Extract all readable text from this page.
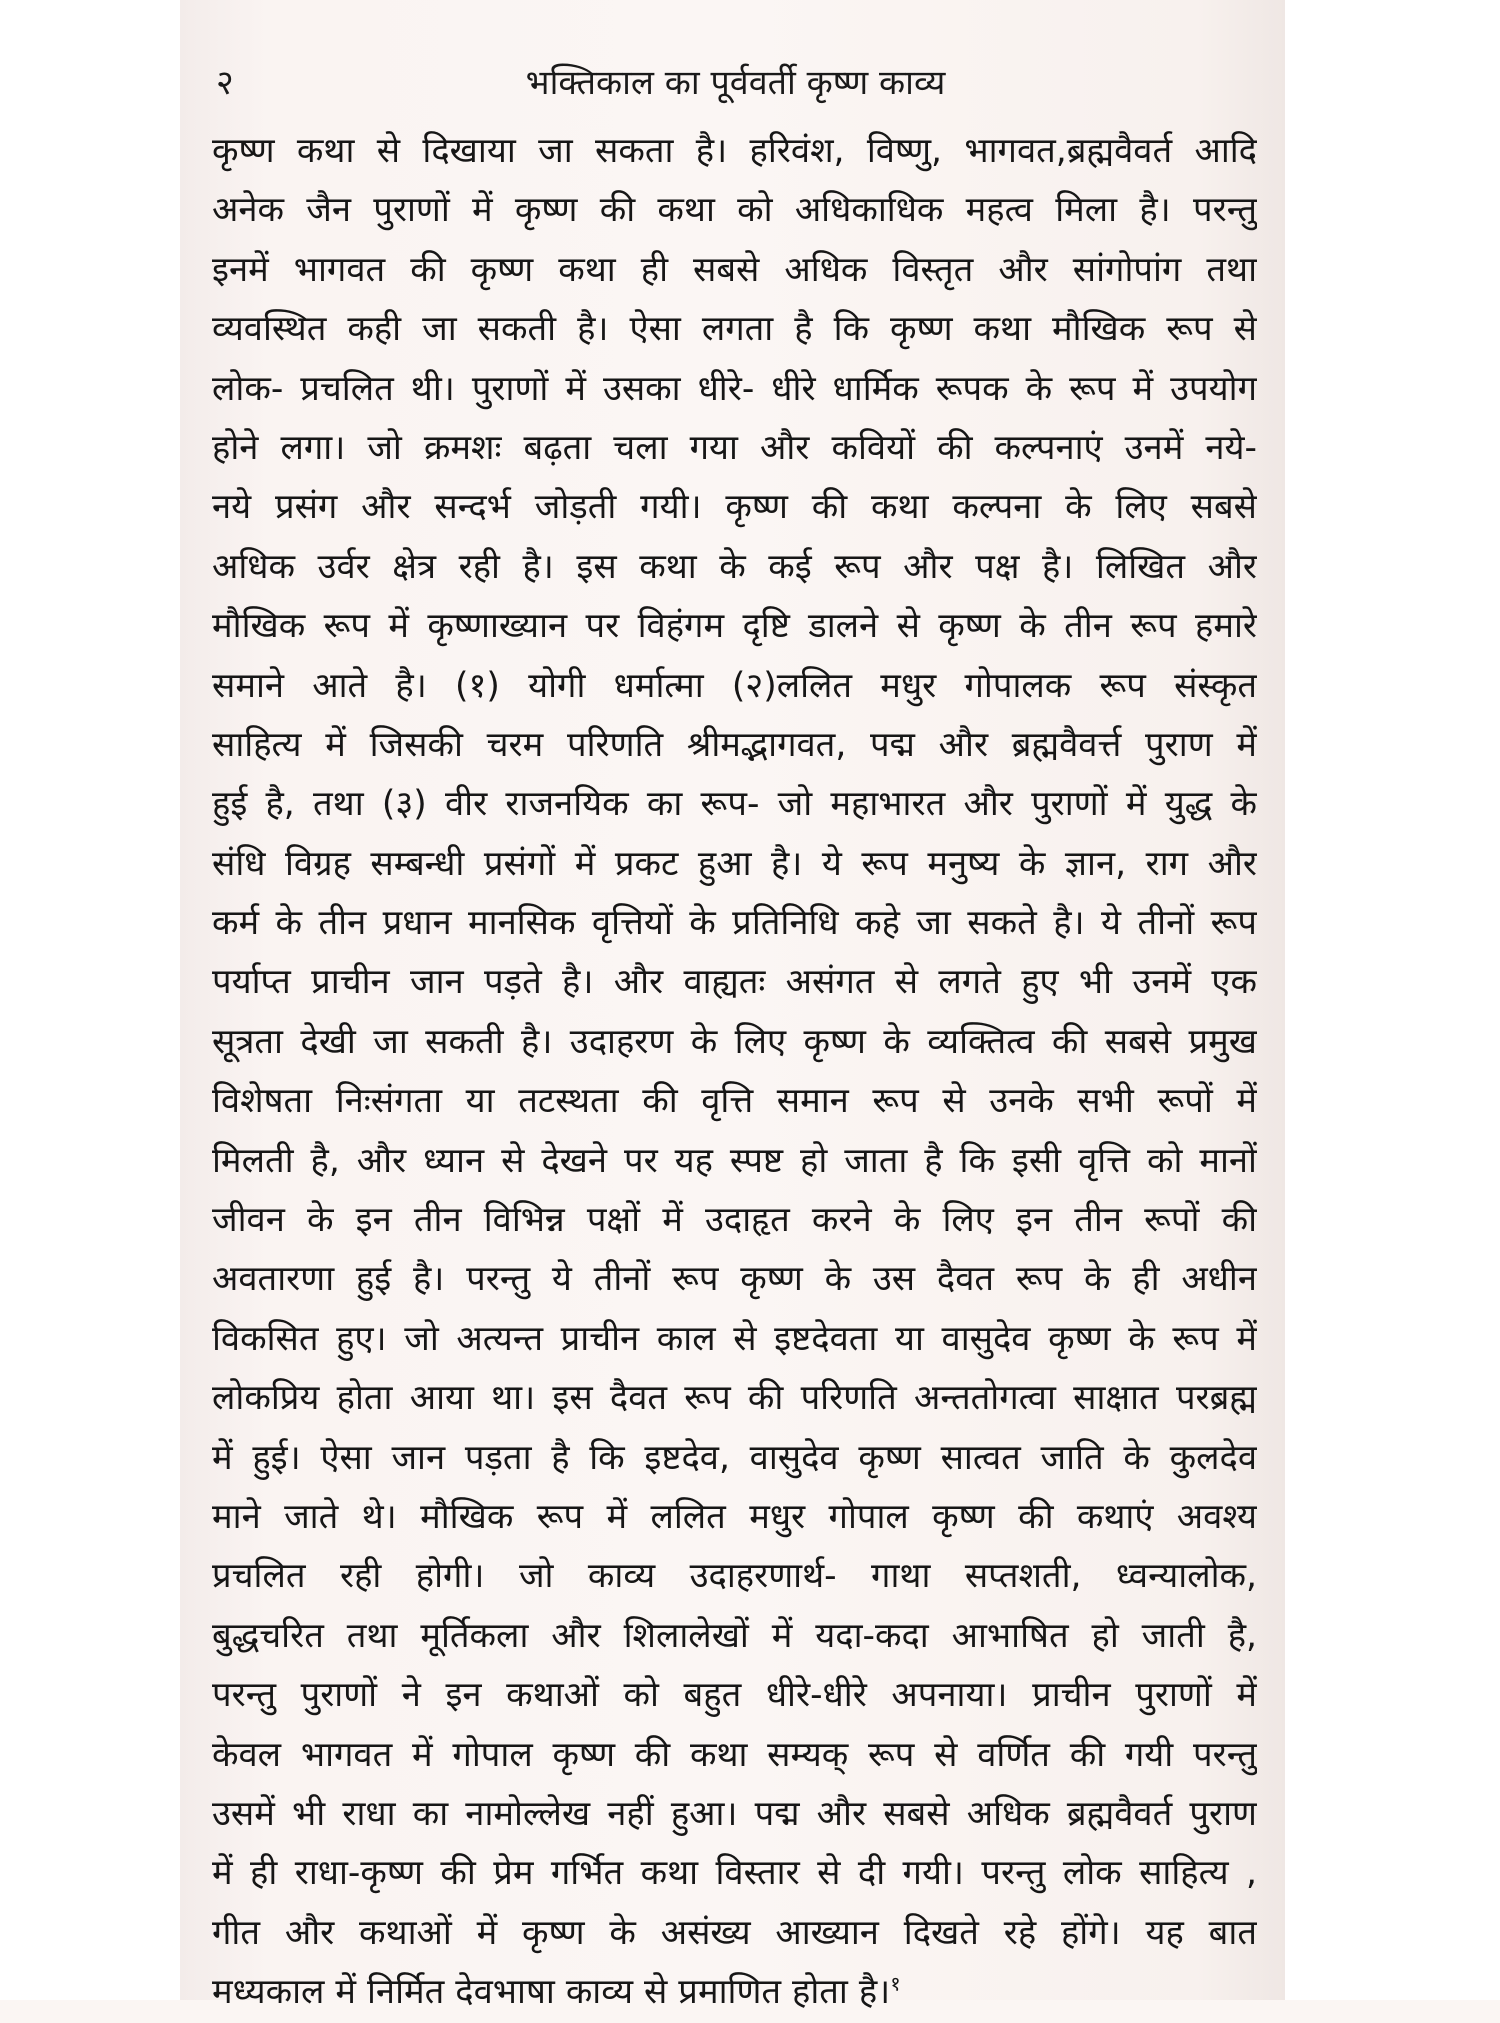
२	भक्तिकाल का पूर्ववर्ती कृष्ण काव्य
कृष्ण कथा से दिखाया जा सकता है। हरिवंश, विष्णु, भागवत,ब्रह्मवैवर्त आदि
अनेक जैन पुराणों में कृष्ण की कथा को अधिकाधिक महत्व मिला है। परन्तु
इनमें भागवत की कृष्ण कथा ही सबसे अधिक विस्तृत और सांगोपांग तथा
व्यवस्थित कही जा सकती है। ऐसा लगता है कि कृष्ण कथा मौखिक रूप से
लोक- प्रचलित थी। पुराणों में उसका धीरे- धीरे धार्मिक रूपक के रूप में उपयोग
होने लगा। जो क्रमशः बढ़ता चला गया और कवियों की कल्पनाएं उनमें नये-
नये प्रसंग और सन्दर्भ जोड़ती गयी। कृष्ण की कथा कल्पना के लिए सबसे
अधिक उर्वर क्षेत्र रही है। इस कथा के कई रूप और पक्ष है। लिखित और
मौखिक रूप में कृष्णाख्यान पर विहंगम दृष्टि डालने से कृष्ण के तीन रूप हमारे
समाने आते है। (१) योगी धर्मात्मा (२)ललित मधुर गोपालक रूप संस्कृत
साहित्य में जिसकी चरम परिणति श्रीमद्भागवत, पद्म और ब्रह्मवैवर्त्त पुराण में
हुई है, तथा (३) वीर राजनयिक का रूप- जो महाभारत और पुराणों में युद्ध के
संधि विग्रह सम्बन्धी प्रसंगों में प्रकट हुआ है। ये रूप मनुष्य के ज्ञान, राग और
कर्म के तीन प्रधान मानसिक वृत्तियों के प्रतिनिधि कहे जा सकते है। ये तीनों रूप
पर्याप्त प्राचीन जान पड़ते है। और वाह्यतः असंगत से लगते हुए भी उनमें एक
सूत्रता देखी जा सकती है। उदाहरण के लिए कृष्ण के व्यक्तित्व की सबसे प्रमुख
विशेषता निःसंगता या तटस्थता की वृत्ति समान रूप से उनके सभी रूपों में
मिलती है, और ध्यान से देखने पर यह स्पष्ट हो जाता है कि इसी वृत्ति को मानों
जीवन के इन तीन विभिन्न पक्षों में उदाहृत करने के लिए इन तीन रूपों की
अवतारणा हुई है। परन्तु ये तीनों रूप कृष्ण के उस दैवत रूप के ही अधीन
विकसित हुए। जो अत्यन्त प्राचीन काल से इष्टदेवता या वासुदेव कृष्ण के रूप में
लोकप्रिय होता आया था। इस दैवत रूप की परिणति अन्ततोगत्वा साक्षात परब्रह्म
में हुई। ऐसा जान पड़ता है कि इष्टदेव, वासुदेव कृष्ण सात्वत जाति के कुलदेव
माने जाते थे। मौखिक रूप में ललित मधुर गोपाल कृष्ण की कथाएं अवश्य
प्रचलित रही होगी। जो काव्य उदाहरणार्थ- गाथा सप्तशती, ध्वन्यालोक,
बुद्धचरित तथा मूर्तिकला और शिलालेखों में यदा-कदा आभाषित हो जाती है,
परन्तु पुराणों ने इन कथाओं को बहुत धीरे-धीरे अपनाया। प्राचीन पुराणों में
केवल भागवत में गोपाल कृष्ण की कथा सम्यक् रूप से वर्णित की गयी परन्तु
उसमें भी राधा का नामोल्लेख नहीं हुआ। पद्म और सबसे अधिक ब्रह्मवैवर्त पुराण
में ही राधा-कृष्ण की प्रेम गर्भित कथा विस्तार से दी गयी। परन्तु लोक साहित्य ,
गीत और कथाओं में कृष्ण के असंख्य आख्यान दिखते रहे होंगे। यह बात
मध्यकाल में निर्मित देवभाषा काव्य से प्रमाणित होता है।$^१$
